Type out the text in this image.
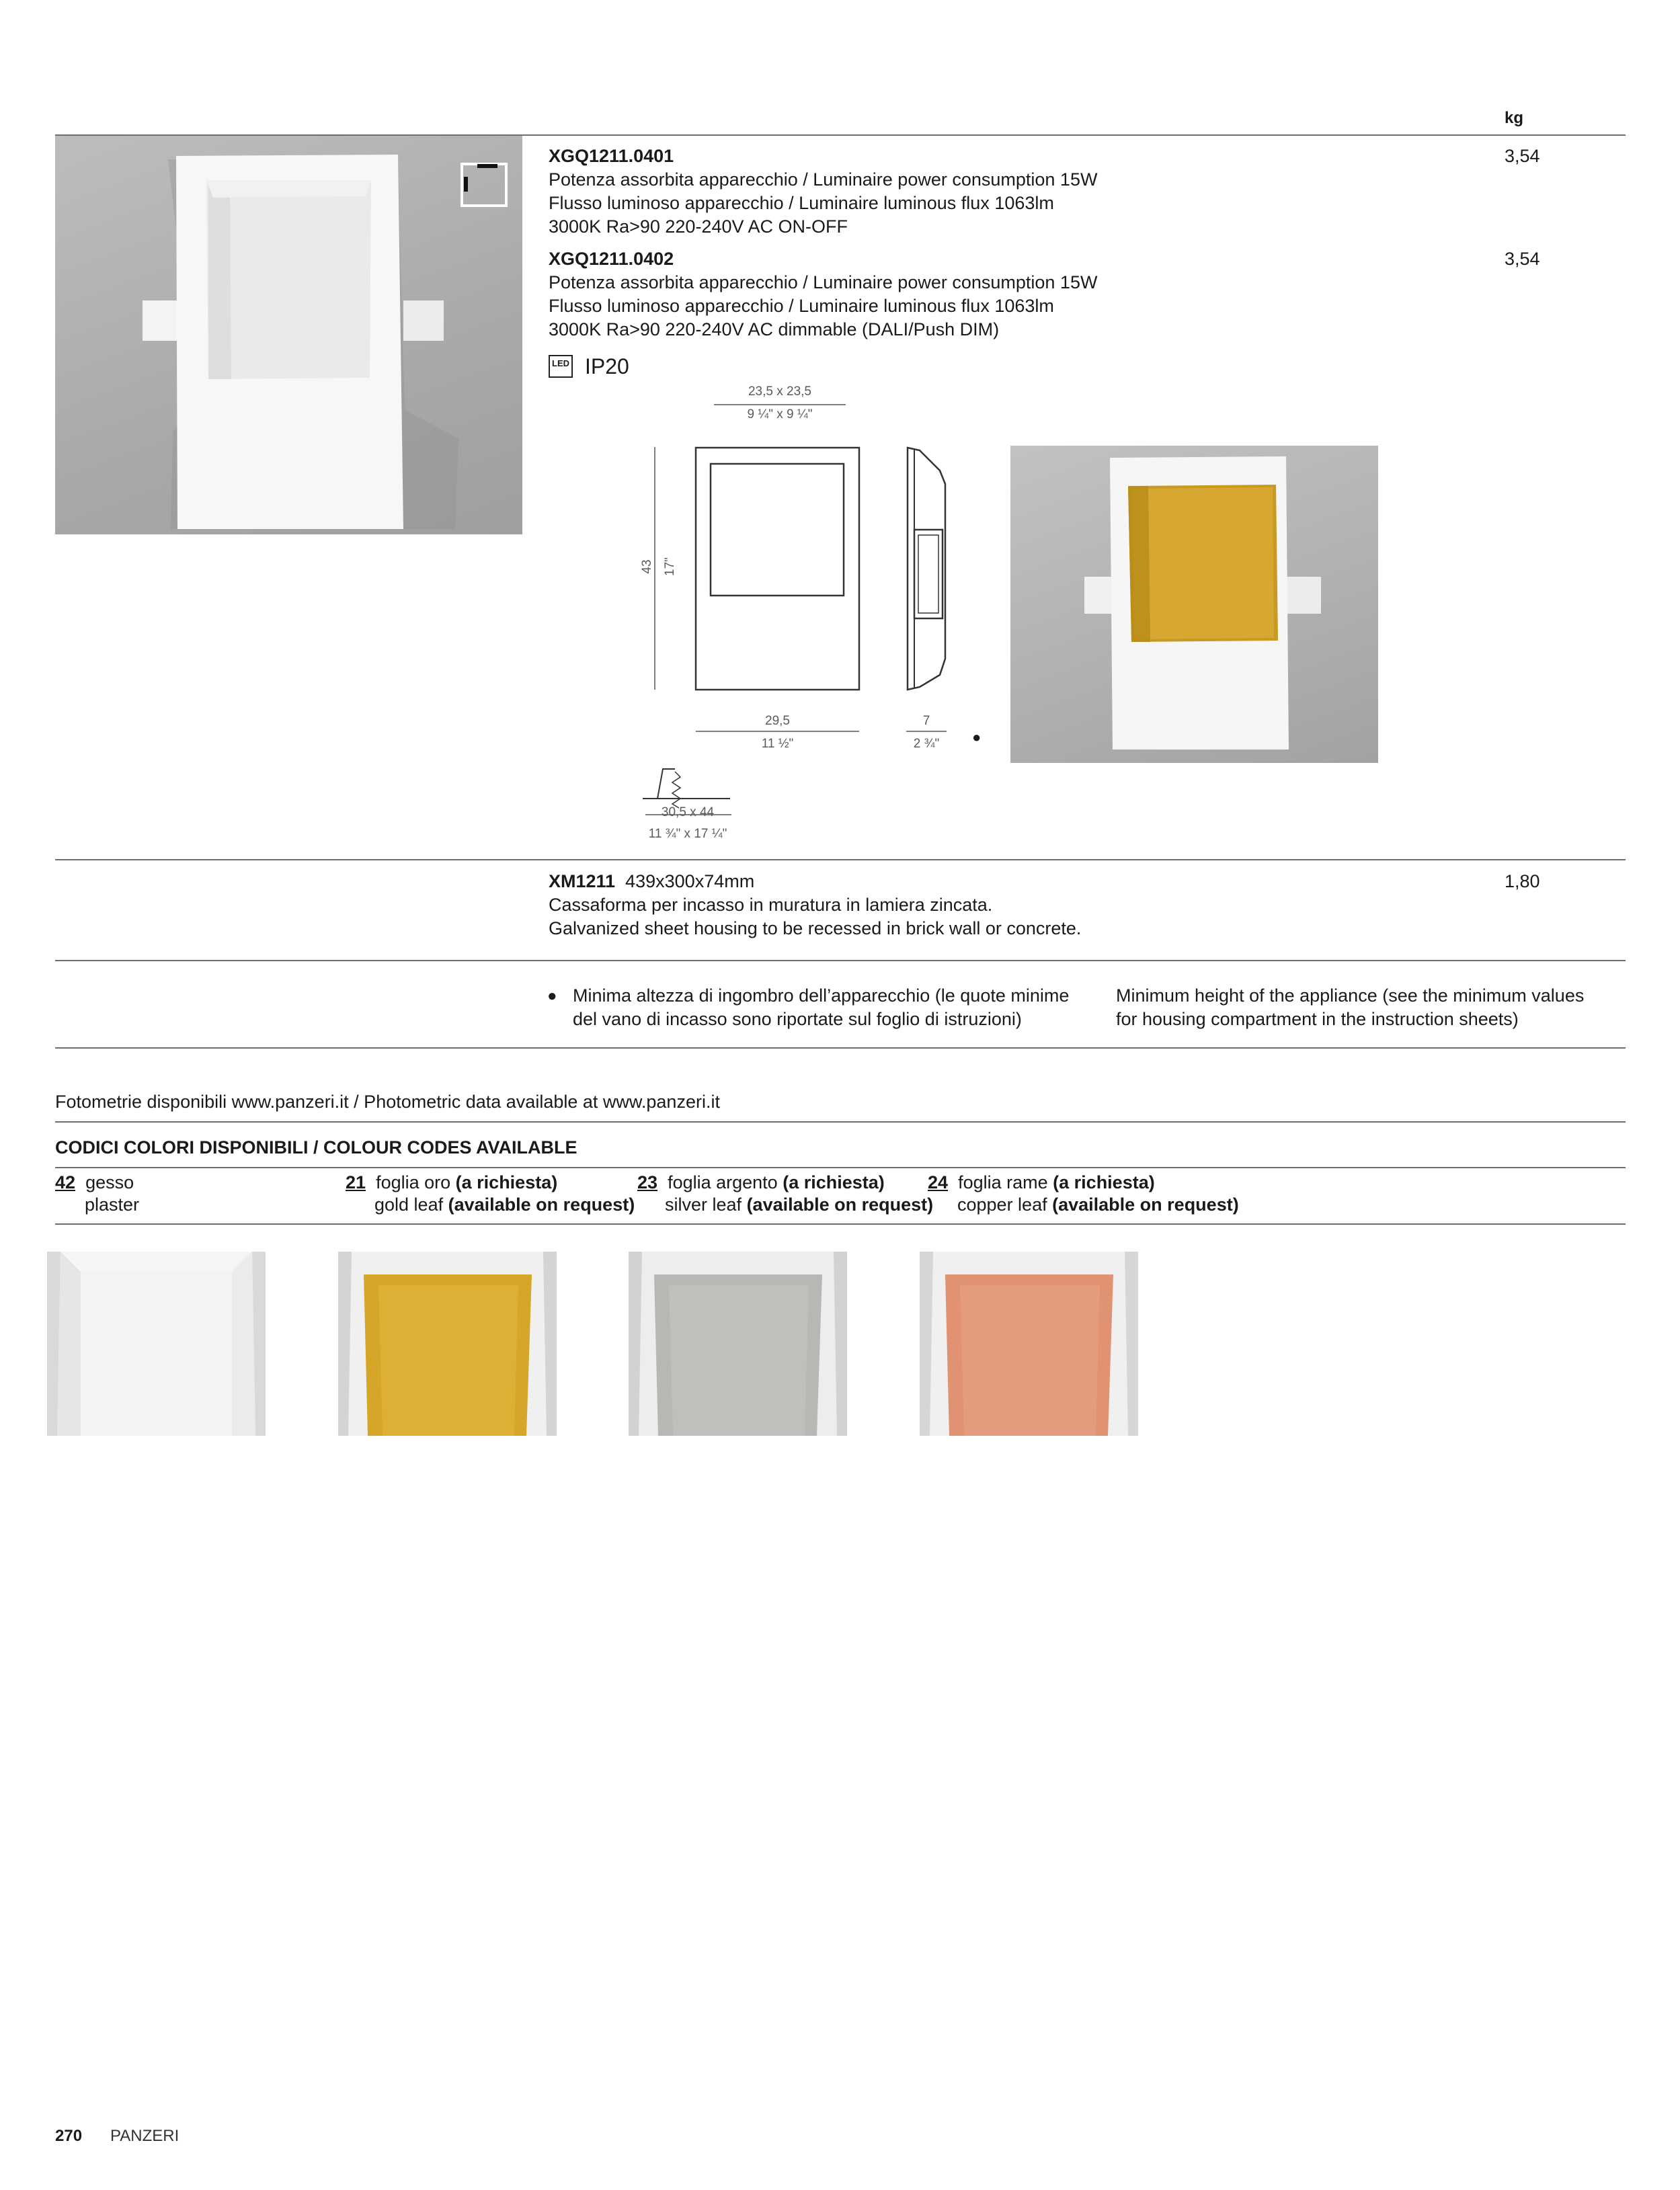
kg
XGQ1211.0401
Potenza assorbita apparecchio / Luminaire power consumption 15W
Flusso luminoso apparecchio / Luminaire luminous flux 1063lm
3000K Ra>90 220-240V AC ON-OFF
3,54
XGQ1211.0402
Potenza assorbita apparecchio / Luminaire power consumption 15W
Flusso luminoso apparecchio / Luminaire luminous flux 1063lm
3000K Ra>90 220-240V AC dimmable (DALI/Push DIM)
3,54
LED IP20
23,5 x 23,5
9 ¼" x 9 ¼"
43 17"
29,5
11 ½"
7
2 ¾"	●
30,5 x 44
11 ¾" x 17 ¼"
XM1211 439x300x74mm
Cassaforma per incasso in muratura in lamiera zincata.
Galvanized sheet housing to be recessed in brick wall or concrete.
1,80
● Minima altezza di ingombro dell’apparecchio (le quote minime
del vano di incasso sono riportate sul foglio di istruzioni)
Minimum height of the appliance (see the minimum values
for housing compartment in the instruction sheets)
Fotometrie disponibili www.panzeri.it / Photometric data available at www.panzeri.it
CODICI COLORI DISPONIBILI / COLOUR CODES AVAILABLE
42 gesso
plaster
21 foglia oro (a richiesta)
gold leaf (available on request)
23 foglia argento (a richiesta)
silver leaf (available on request)
24 foglia rame (a richiesta)
copper leaf (available on request)
270 PANZERI
